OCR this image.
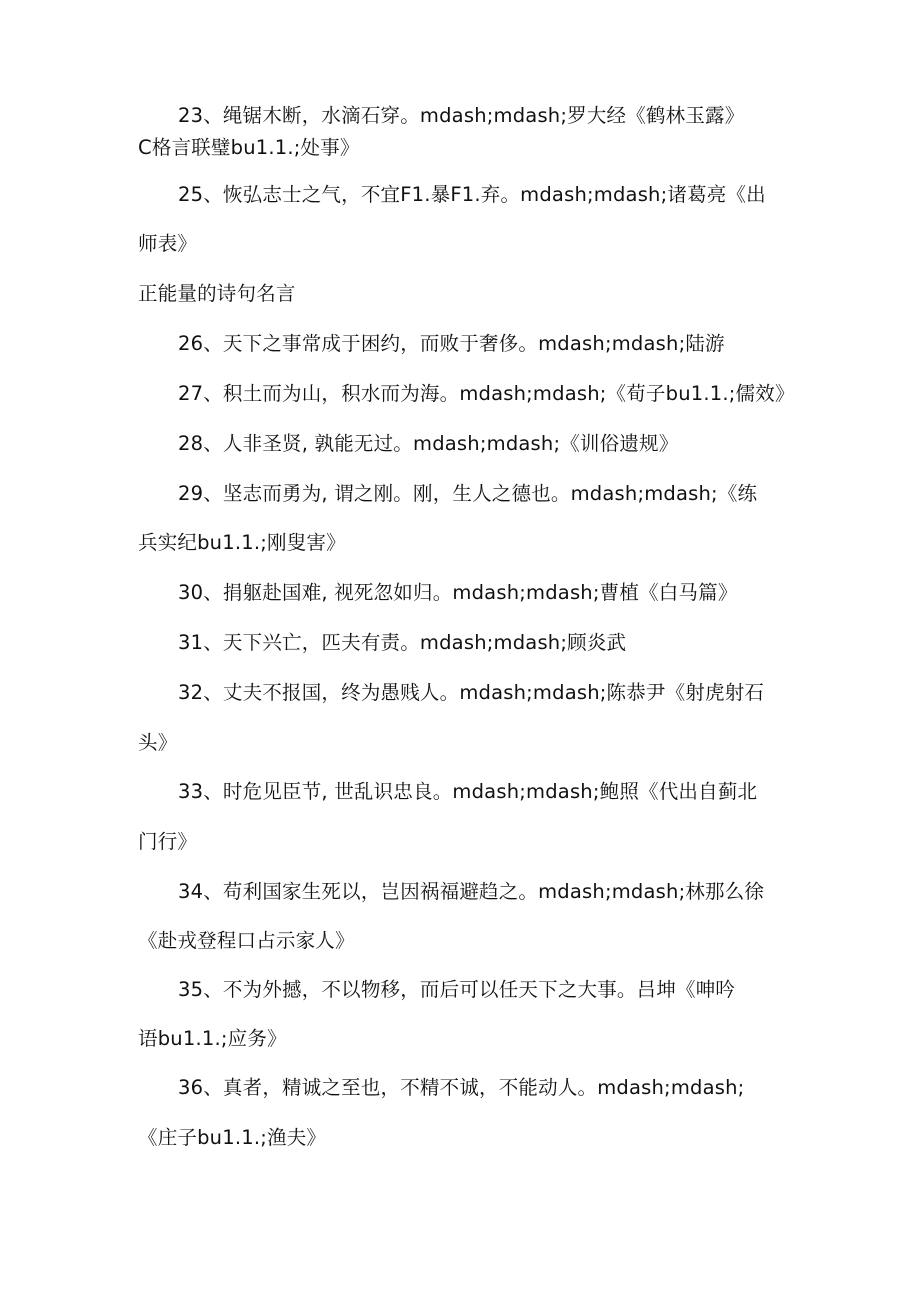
23、绳锯木断，水滴石穿。mdash;mdash;罗大经《鹤林玉露》
C格言联璧bu1.1.;处事》
25、恢弘志士之气，不宜F1.暴F1.弃。mdash;mdash;诸葛亮《出
师表》
正能量的诗句名言
26、天下之事常成于困约，而败于奢侈。mdash;mdash;陆游
27、积土而为山，积水而为海。mdash;mdash;《荀子bu1.1.;儒效》
28、人非圣贤, 孰能无过。mdash;mdash;《训俗遗规》
29、坚志而勇为, 谓之刚。刚，生人之德也。mdash;mdash;《练
兵实纪bu1.1.;刚叟害》
30、捐躯赴国难, 视死忽如归。mdash;mdash;曹植《白马篇》
31、天下兴亡，匹夫有责。mdash;mdash;顾炎武
32、丈夫不报国，终为愚贱人。mdash;mdash;陈恭尹《射虎射石
头》
33、时危见臣节, 世乱识忠良。mdash;mdash;鲍照《代出自蓟北
门行》
34、苟利国家生死以，岂因祸福避趋之。mdash;mdash;林那么徐
《赴戎登程口占示家人》
35、不为外撼，不以物移，而后可以任天下之大事。吕坤《呻吟
语bu1.1.;应务》
36、真者，精诚之至也，不精不诚，不能动人。mdash;mdash;
《庄子bu1.1.;渔夫》
